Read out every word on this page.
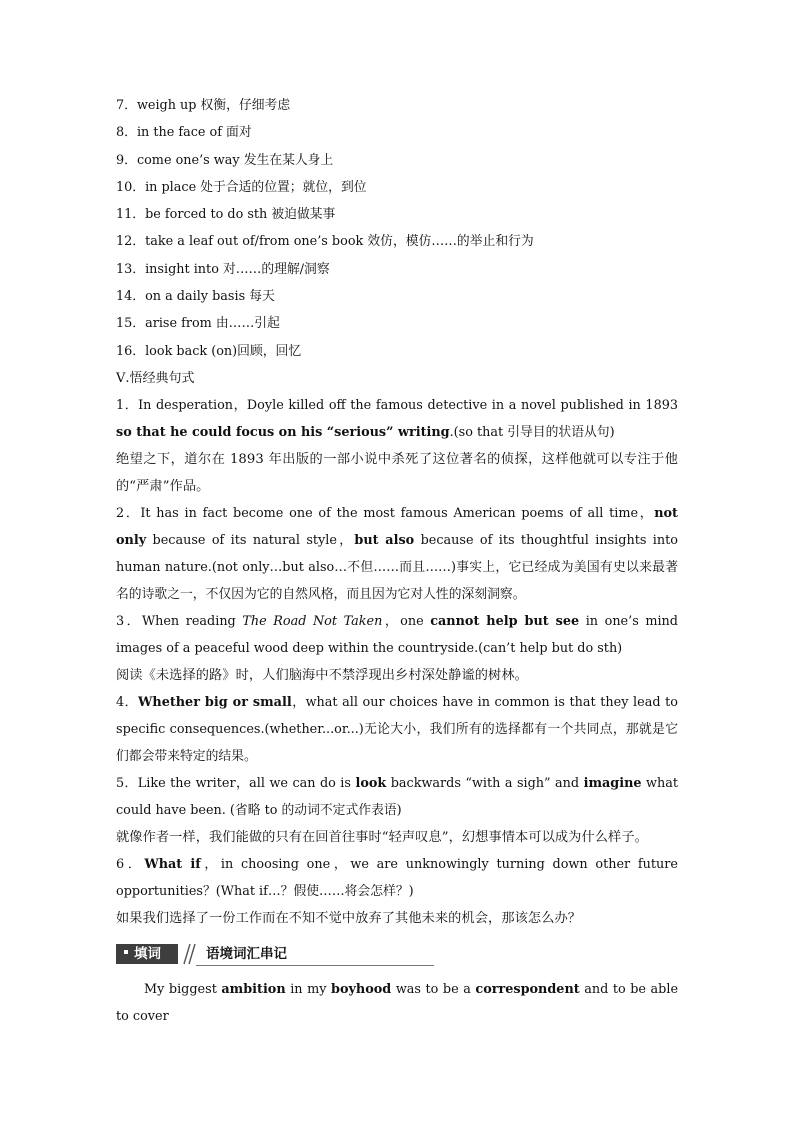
7．weigh up 权衡，仔细考虑
8．in the face of 面对
9．come one’s way 发生在某人身上
10．in place 处于合适的位置；就位，到位
11．be forced to do sth 被迫做某事
12．take a leaf out of/from one’s book 效仿，模仿……的举止和行为
13．insight into 对……的理解/洞察
14．on a daily basis 每天
15．arise from 由……引起
16．look back (on)回顾，回忆
Ⅴ.悟经典句式
1．In desperation，Doyle killed off the famous detective in a novel published in 1893 so that he could focus on his “serious” writing.(so that 引导目的状语从句)
绝望之下，道尔在 1893 年出版的一部小说中杀死了这位著名的侦探，这样他就可以专注于他的“严肃”作品。
2．It has in fact become one of the most famous American poems of all time，not only because of its natural style，but also because of its thoughtful insights into human nature.(not only…but also…不但……而且……)事实上，它已经成为美国有史以来最著名的诗歌之一，不仅因为它的自然风格，而且因为它对人性的深刻洞察。
3．When reading The Road Not Taken，one cannot help but see in one’s mind images of a peaceful wood deep within the countryside.(can’t help but do sth)
阅读《未选择的路》时，人们脑海中不禁浮现出乡村深处静谧的树林。
4．Whether big or small，what all our choices have in common is that they lead to specific consequences.(whether...or...)无论大小，我们所有的选择都有一个共同点，那就是它们都会带来特定的结果。
5．Like the writer，all we can do is look backwards “with a sigh” and imagine what could have been. (省略 to 的动词不定式作表语)
就像作者一样，我们能做的只有在回首往事时“轻声叹息”，幻想事情本可以成为什么样子。
6．What if，in choosing one，we are unknowingly turning down other future opportunities？(What if…？假使……将会怎样？)
如果我们选择了一份工作而在不知不觉中放弃了其他未来的机会，那该怎么办？
填词	语境词汇串记
My biggest ambition in my boyhood was to be a correspondent and to be able to cover
